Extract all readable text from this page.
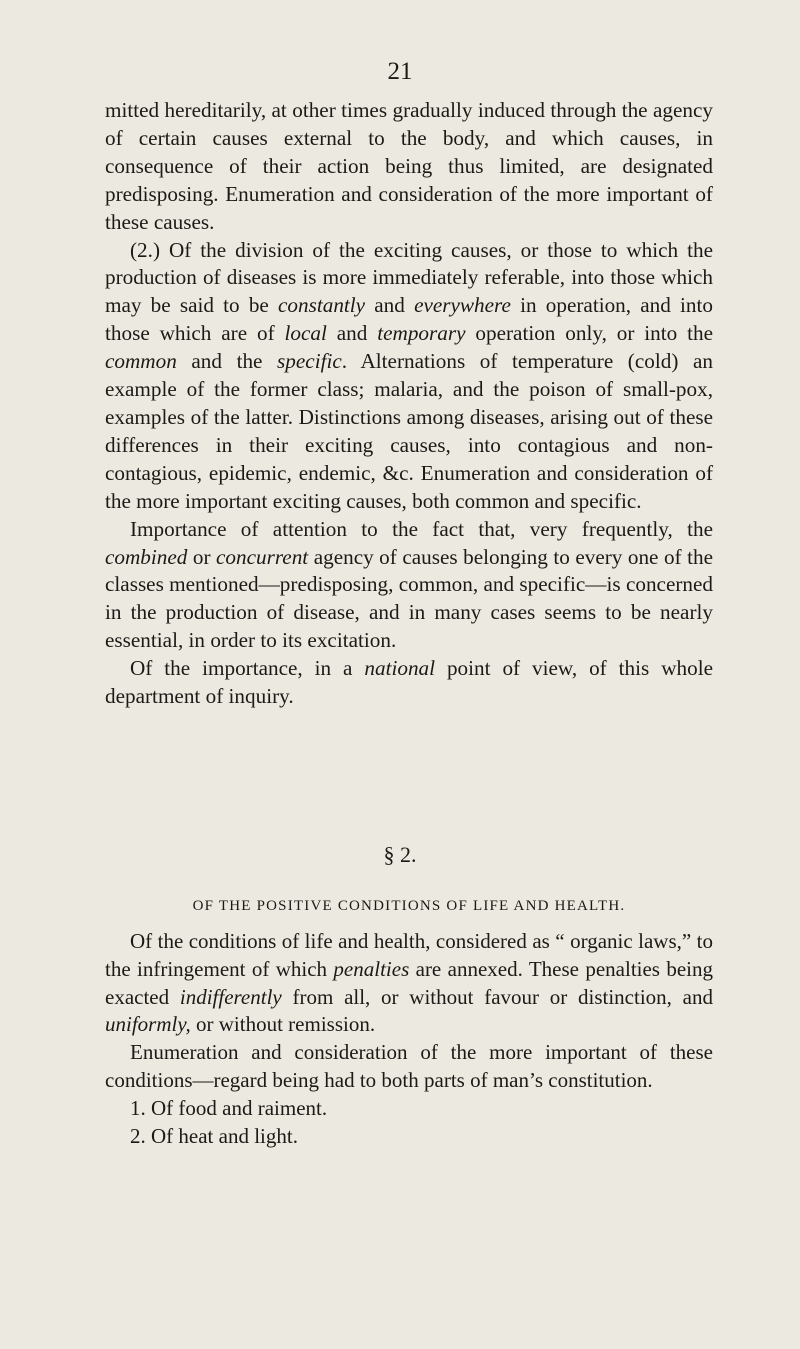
21

mitted hereditarily, at other times gradually induced through the agency of certain causes external to the body, and which causes, in consequence of their action being thus limited, are designated predisposing. Enumeration and consideration of the more important of these causes.

(2.) Of the division of the exciting causes, or those to which the production of diseases is more immediately referable, into those which may be said to be constantly and everywhere in operation, and into those which are of local and temporary operation only, or into the common and the specific. Alternations of temperature (cold) an example of the former class; malaria, and the poison of small-pox, examples of the latter. Distinctions among diseases, arising out of these differences in their exciting causes, into contagious and non-contagious, epidemic, endemic, &c. Enumeration and consideration of the more important exciting causes, both common and specific.

Importance of attention to the fact that, very frequently, the combined or concurrent agency of causes belonging to every one of the classes mentioned—predisposing, common, and specific—is concerned in the production of disease, and in many cases seems to be nearly essential, in order to its excitation.

Of the importance, in a national point of view, of this whole department of inquiry.

§ 2.
OF THE POSITIVE CONDITIONS OF LIFE AND HEALTH.

Of the conditions of life and health, considered as “ organic laws,” to the infringement of which penalties are annexed. These penalties being exacted indifferently from all, or without favour or distinction, and uniformly, or without remission.

Enumeration and consideration of the more important of these conditions—regard being had to both parts of man’s constitution.

1. Of food and raiment.

2. Of heat and light.
